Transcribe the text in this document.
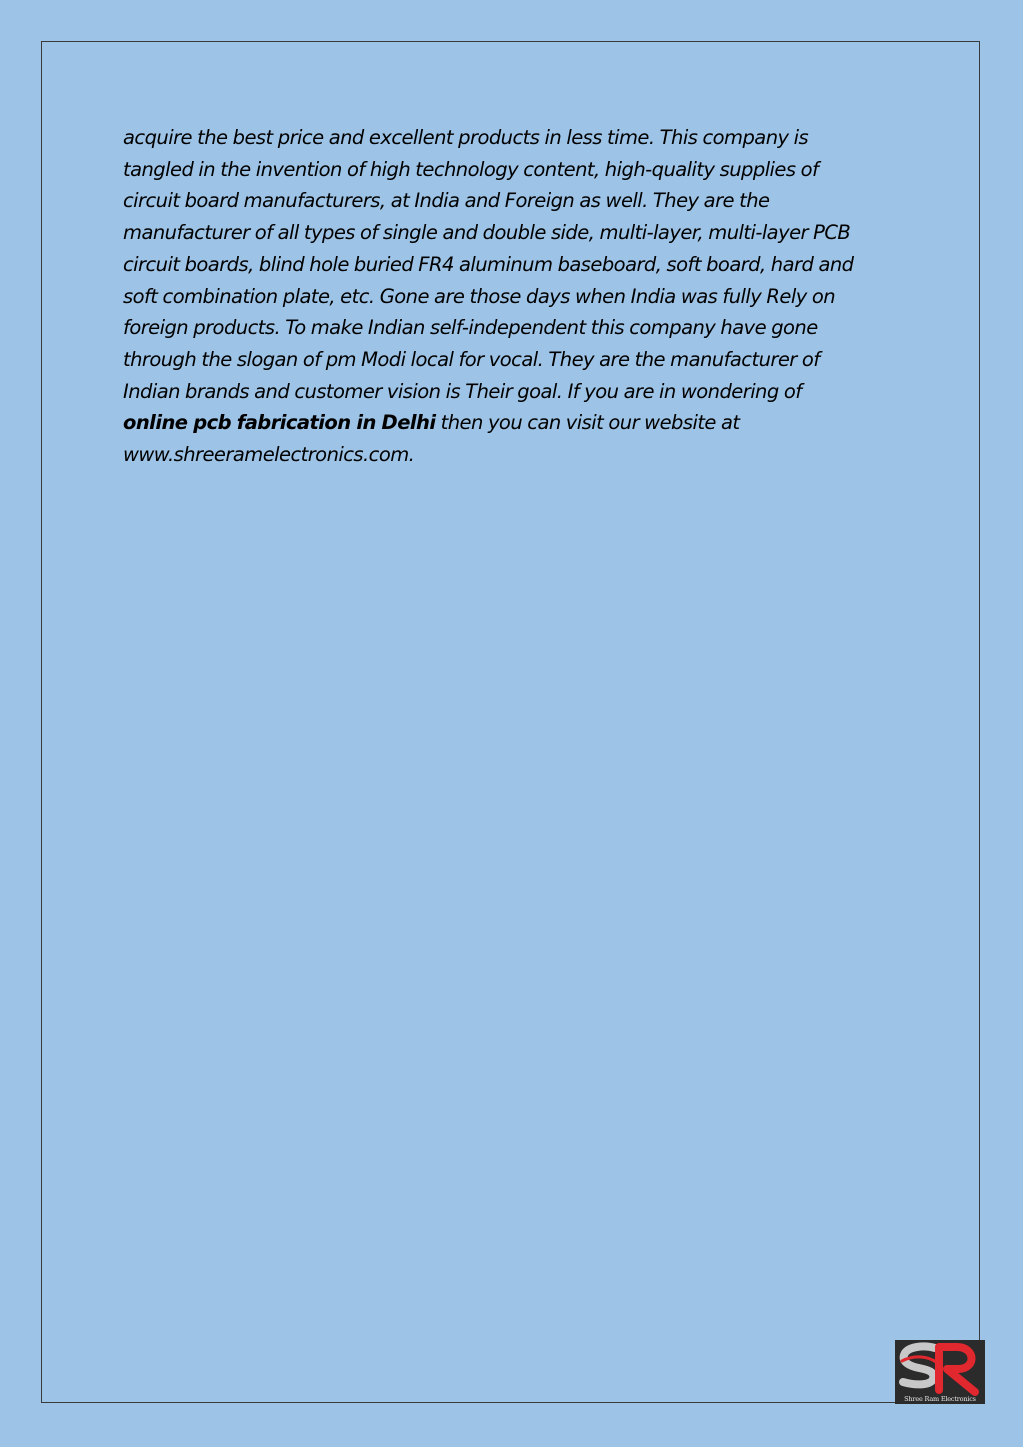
acquire the best price and excellent products in less time. This company is
tangled in the invention of high technology content, high-quality supplies of
circuit board manufacturers, at India and Foreign as well. They are the
manufacturer of all types of single and double side, multi-layer, multi-layer PCB
circuit boards, blind hole buried FR4 aluminum baseboard, soft board, hard and
soft combination plate, etc. Gone are those days when India was fully Rely on
foreign products. To make Indian self-independent this company have gone
through the slogan of pm Modi local for vocal. They are the manufacturer of
Indian brands and customer vision is Their goal. If you are in wondering of
online pcb fabrication in Delhi then you can visit our website at
www.shreeramelectronics.com.

Shree Ram Electronics
